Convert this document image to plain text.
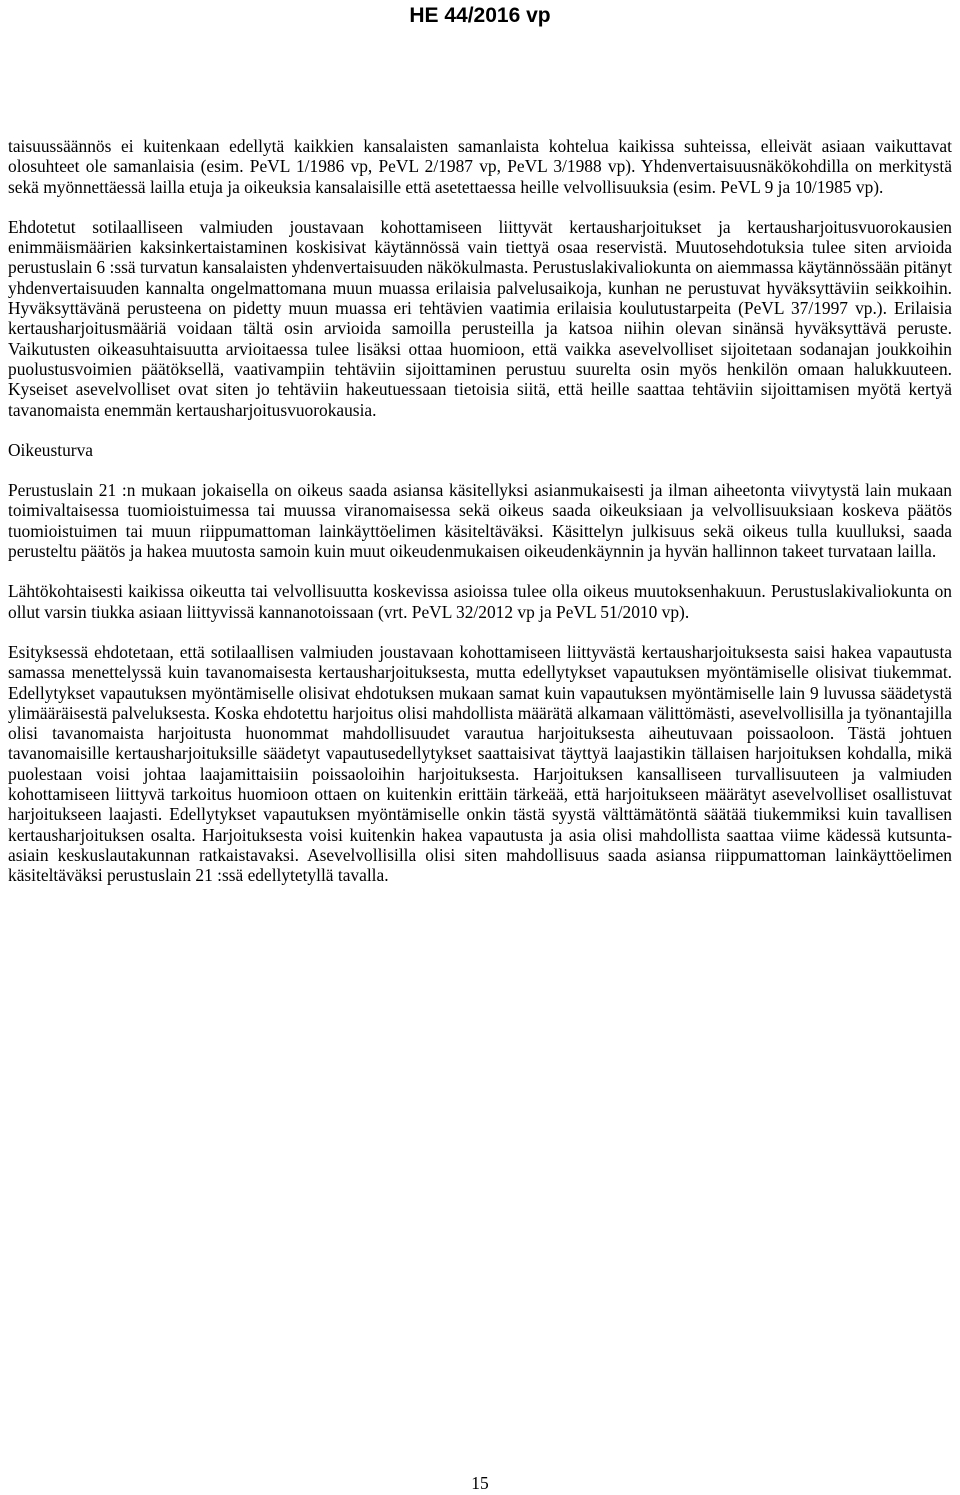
HE 44/2016 vp

taisuussäännös ei kuitenkaan edellytä kaikkien kansalaisten samanlaista kohtelua kaikissa suhteissa, elleivät asiaan vaikuttavat olosuhteet ole samanlaisia (esim. PeVL 1/1986 vp, PeVL 2/1987 vp, PeVL 3/1988 vp). Yhdenvertaisuusnäkökohdilla on merkitystä sekä myönnettäessä lailla etuja ja oikeuksia kansalaisille että asetettaessa heille velvollisuuksia (esim. PeVL 9 ja 10/1985 vp).

Ehdotetut sotilaalliseen valmiuden joustavaan kohottamiseen liittyvät kertausharjoitukset ja kertausharjoitusvuorokausien enimmäismäärien kaksinkertaistaminen koskisivat käytännössä vain tiettyä osaa reservistä. Muutosehdotuksia tulee siten arvioida perustuslain 6 :ssä turvatun kansalaisten yhdenvertaisuuden näkökulmasta. Perustuslakivaliokunta on aiemmassa käytännössään pitänyt yhdenvertaisuuden kannalta ongelmattomana muun muassa erilaisia palvelusaikoja, kunhan ne perustuvat hyväksyttäviin seikkoihin. Hyväksyttävänä perusteena on pidetty muun muassa eri tehtävien vaatimia erilaisia koulutustarpeita (PeVL 37/1997 vp.). Erilaisia kertausharjoitusmääriä voidaan tältä osin arvioida samoilla perusteilla ja katsoa niihin olevan sinänsä hyväksyttävä peruste. Vaikutusten oikeasuhtaisuutta arvioitaessa tulee lisäksi ottaa huomioon, että vaikka asevelvolliset sijoitetaan sodanajan joukkoihin puolustusvoimien päätöksellä, vaativampiin tehtäviin sijoittaminen perustuu suurelta osin myös henkilön omaan halukkuuteen. Kyseiset asevelvolliset ovat siten jo tehtäviin hakeutuessaan tietoisia siitä, että heille saattaa tehtäviin sijoittamisen myötä kertyä tavanomaista enemmän kertausharjoitusvuorokausia.

Oikeusturva

Perustuslain 21 :n mukaan jokaisella on oikeus saada asiansa käsitellyksi asianmukaisesti ja ilman aiheetonta viivytystä lain mukaan toimivaltaisessa tuomioistuimessa tai muussa viranomaisessa sekä oikeus saada oikeuksiaan ja velvollisuuksiaan koskeva päätös tuomioistuimen tai muun riippumattoman lainkäyttöelimen käsiteltäväksi. Käsittelyn julkisuus sekä oikeus tulla kuulluksi, saada perusteltu päätös ja hakea muutosta samoin kuin muut oikeudenmukaisen oikeudenkäynnin ja hyvän hallinnon takeet turvataan lailla.

Lähtökohtaisesti kaikissa oikeutta tai velvollisuutta koskevissa asioissa tulee olla oikeus muutoksenhakuun. Perustuslakivaliokunta on ollut varsin tiukka asiaan liittyvissä kannanotoissaan (vrt. PeVL 32/2012 vp ja PeVL 51/2010 vp).

Esityksessä ehdotetaan, että sotilaallisen valmiuden joustavaan kohottamiseen liittyvästä kertausharjoituksesta saisi hakea vapautusta samassa menettelyssä kuin tavanomaisesta kertausharjoituksesta, mutta edellytykset vapautuksen myöntämiselle olisivat tiukemmat. Edellytykset vapautuksen myöntämiselle olisivat ehdotuksen mukaan samat kuin vapautuksen myöntämiselle lain 9 luvussa säädetystä ylimääräisestä palveluksesta. Koska ehdotettu harjoitus olisi mahdollista määrätä alkamaan välittömästi, asevelvollisilla ja työnantajilla olisi tavanomaista harjoitusta huonommat mahdollisuudet varautua harjoituksesta aiheutuvaan poissaoloon. Tästä johtuen tavanomaisille kertausharjoituksille säädetyt vapautusedellytykset saattaisivat täyttyä laajastikin tällaisen harjoituksen kohdalla, mikä puolestaan voisi johtaa laajamittaisiin poissaoloihin harjoituksesta. Harjoituksen kansalliseen turvallisuuteen ja valmiuden kohottamiseen liittyvä tarkoitus huomioon ottaen on kuitenkin erittäin tärkeää, että harjoitukseen määrätyt asevelvolliset osallistuvat harjoitukseen laajasti. Edellytykset vapautuksen myöntämiselle onkin tästä syystä välttämätöntä säätää tiukemmiksi kuin tavallisen kertausharjoituksen osalta. Harjoituksesta voisi kuitenkin hakea vapautusta ja asia olisi mahdollista saattaa viime kädessä kutsunta-asiain keskuslautakunnan ratkaistavaksi. Asevelvollisilla olisi siten mahdollisuus saada asiansa riippumattoman lainkäyttöelimen käsiteltäväksi perustuslain 21 :ssä edellytetyllä tavalla.

15
